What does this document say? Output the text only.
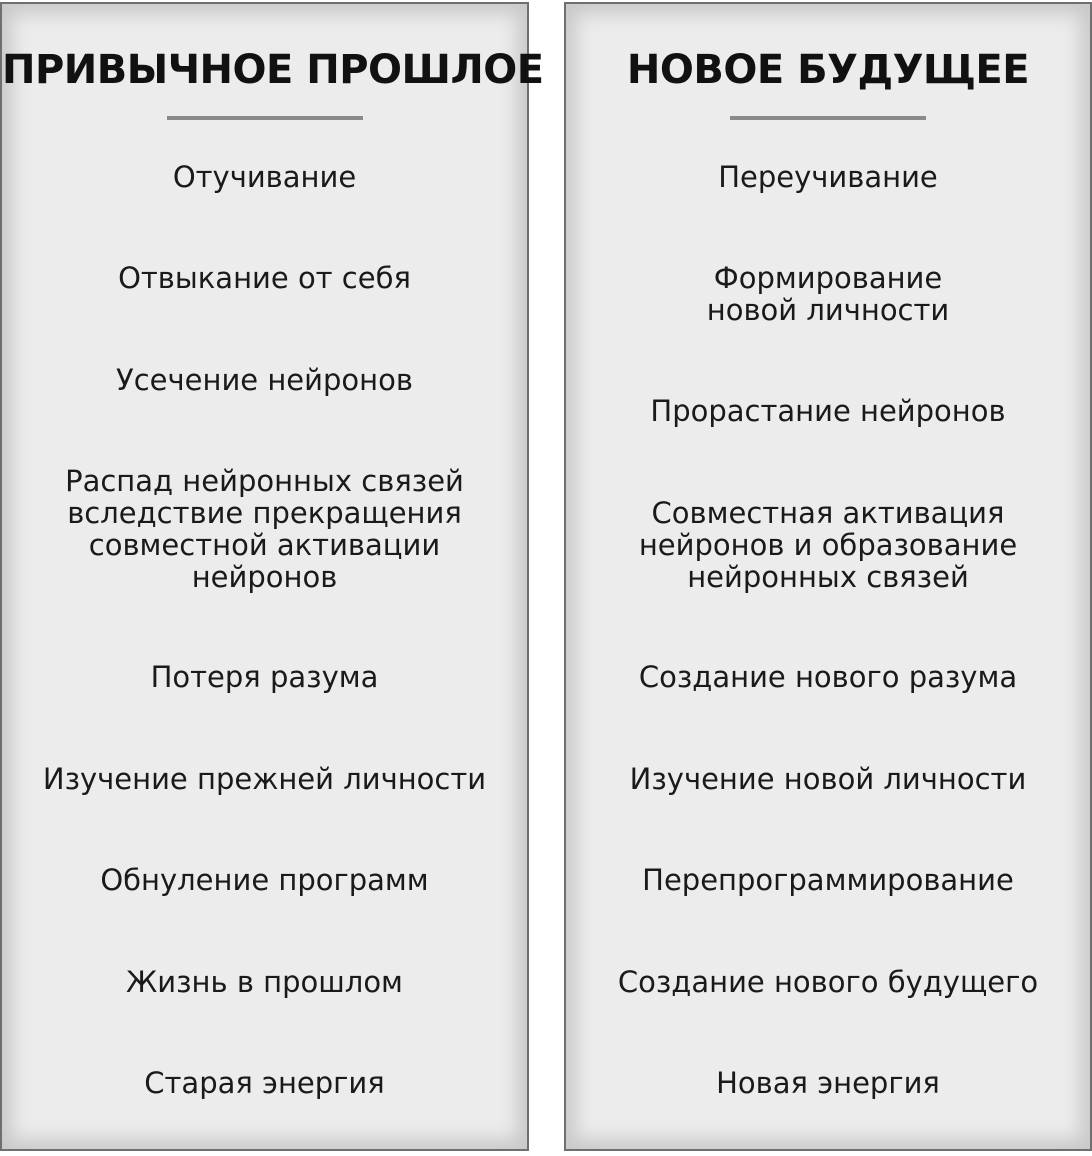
ПРИВЫЧНОЕ ПРОШЛОЕ
Отучивание
Отвыкание от себя
Усечение нейронов
Распад нейронных связей
вследствие прекращения
совместной активации
нейронов
Потеря разума
Изучение прежней личности
Обнуление программ
Жизнь в прошлом
Старая энергия
НОВОЕ БУДУЩЕЕ
Переучивание
Формирование
новой личности
Прорастание нейронов
Совместная активация
нейронов и образование
нейронных связей
Создание нового разума
Изучение новой личности
Перепрограммирование
Создание нового будущего
Новая энергия
